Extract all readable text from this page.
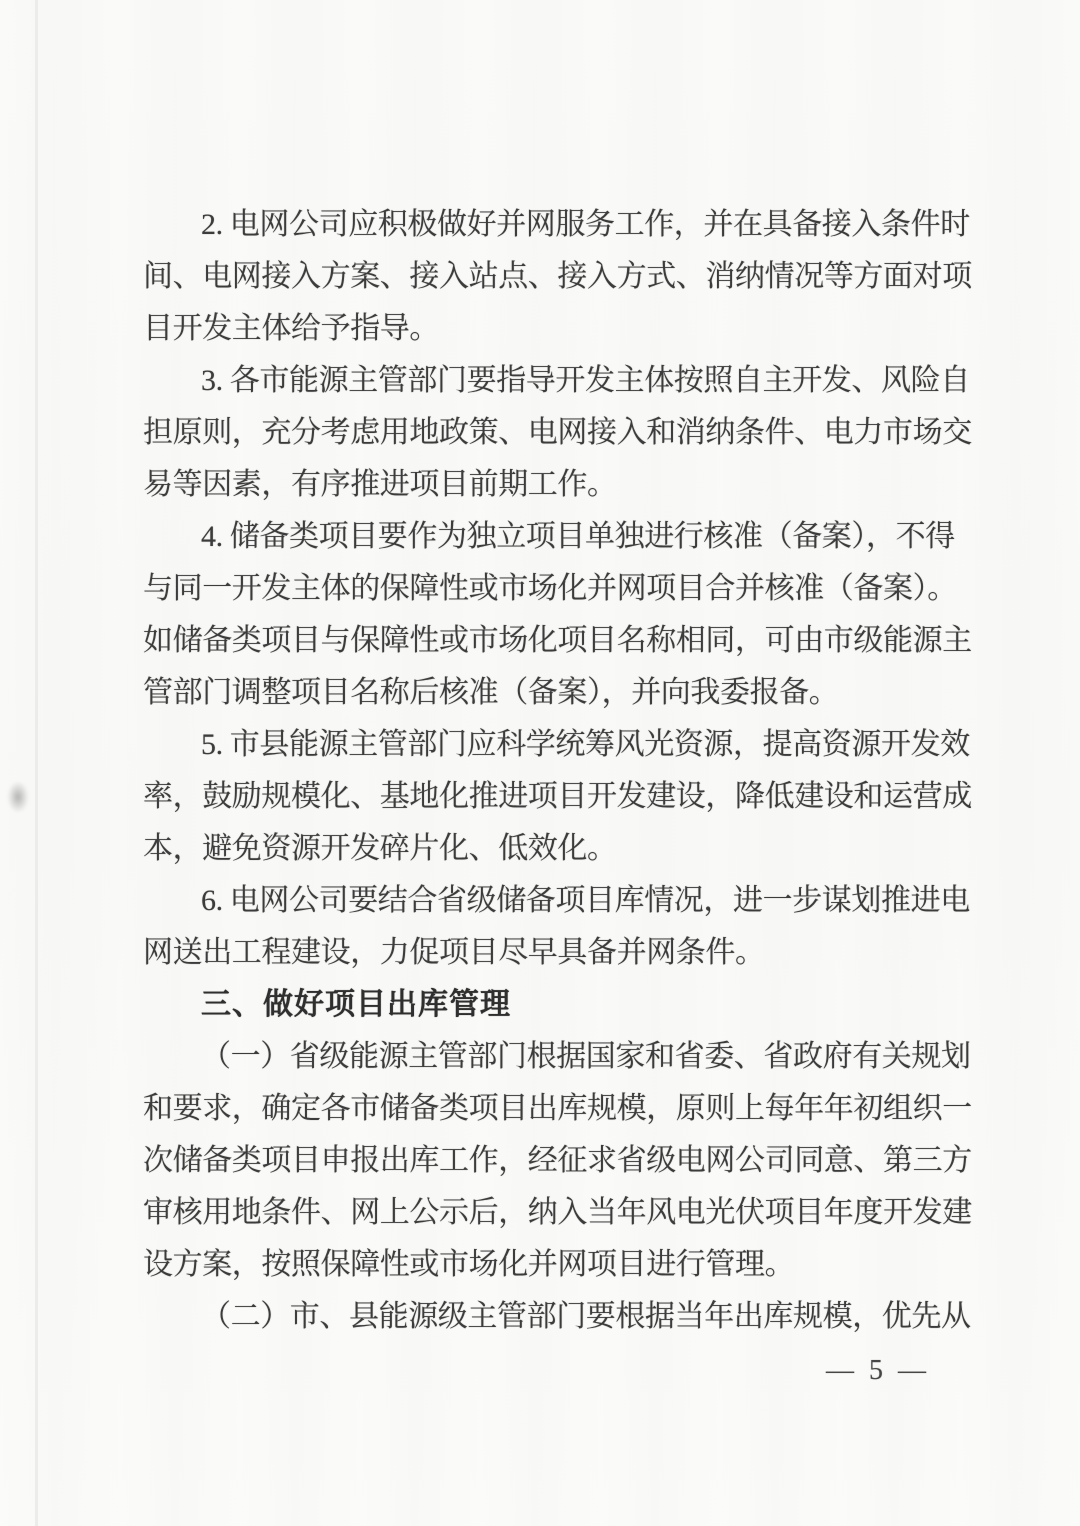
2. 电网公司应积极做好并网服务工作，并在具备接入条件时
间、电网接入方案、接入站点、接入方式、消纳情况等方面对项
目开发主体给予指导。
3. 各市能源主管部门要指导开发主体按照自主开发、风险自
担原则，充分考虑用地政策、电网接入和消纳条件、电力市场交
易等因素，有序推进项目前期工作。
4. 储备类项目要作为独立项目单独进行核准（备案），不得
与同一开发主体的保障性或市场化并网项目合并核准（备案）。
如储备类项目与保障性或市场化项目名称相同，可由市级能源主
管部门调整项目名称后核准（备案），并向我委报备。
5. 市县能源主管部门应科学统筹风光资源，提高资源开发效
率，鼓励规模化、基地化推进项目开发建设，降低建设和运营成
本，避免资源开发碎片化、低效化。
6. 电网公司要结合省级储备项目库情况，进一步谋划推进电
网送出工程建设，力促项目尽早具备并网条件。
三、做好项目出库管理
（一）省级能源主管部门根据国家和省委、省政府有关规划
和要求，确定各市储备类项目出库规模，原则上每年年初组织一
次储备类项目申报出库工作，经征求省级电网公司同意、第三方
审核用地条件、网上公示后，纳入当年风电光伏项目年度开发建
设方案，按照保障性或市场化并网项目进行管理。
（二）市、县能源级主管部门要根据当年出库规模，优先从
— 5 —
